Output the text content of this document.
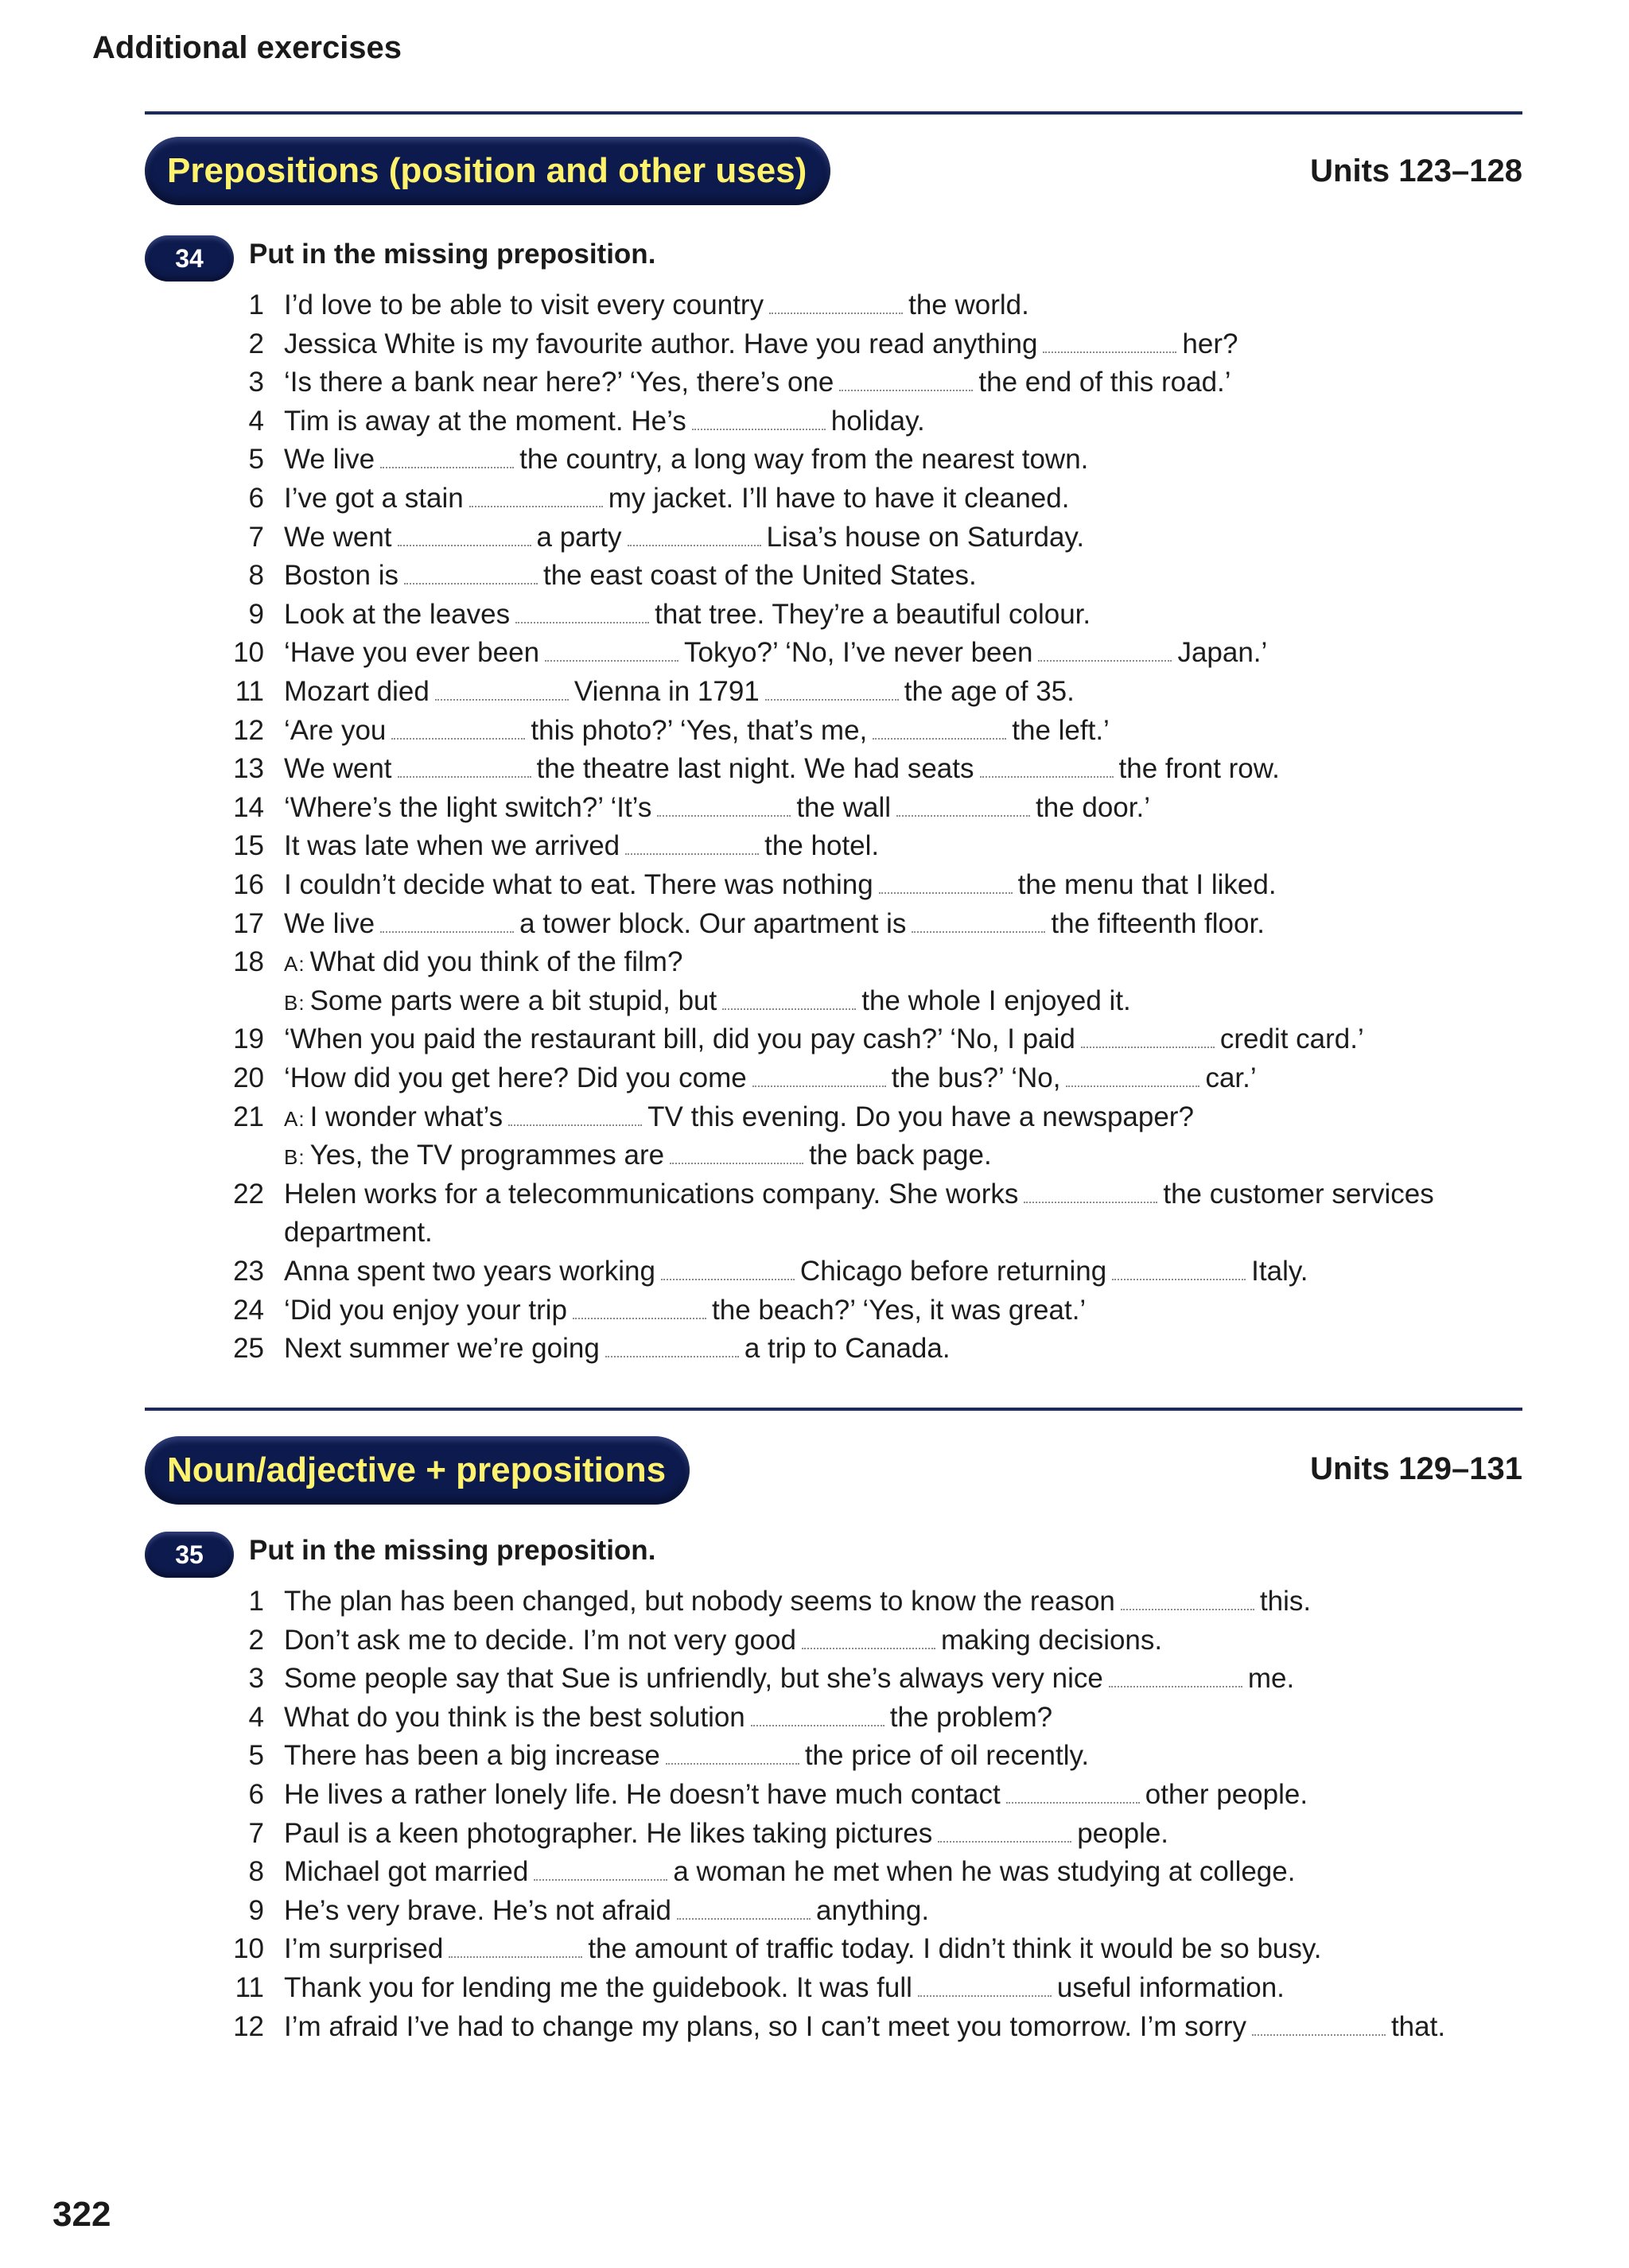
Additional exercises
Prepositions (position and other uses)	Units 123–128
34 Put in the missing preposition.
1 I’d love to be able to visit every country	the world.
2 Jessica White is my favourite author. Have you read anything	her?
3 ‘Is there a bank near here?’ ‘Yes, there’s one	the end of this road.’
4 Tim is away at the moment. He’s	holiday.
5 We live	the country, a long way from the nearest town.
6 I’ve got a stain	my jacket. I’ll have to have it cleaned.
7 We went	a party	Lisa’s house on Saturday.
8 Boston is	the east coast of the United States.
9 Look at the leaves	that tree. They’re a beautiful colour.
10 ‘Have you ever been	Tokyo?’ ‘No, I’ve never been	Japan.’
11 Mozart died	Vienna in 1791	the age of 35.
12 ‘Are you	this photo?’ ‘Yes, that’s me,	the left.’
13 We went	the theatre last night. We had seats	the front row.
14 ‘Where’s the light switch?’ ‘It’s	the wall	the door.’
15 It was late when we arrived	the hotel.
16 I couldn’t decide what to eat. There was nothing	the menu that I liked.
17 We live	a tower block. Our apartment is	the fifteenth floor.
18 A: What did you think of the film?
B: Some parts were a bit stupid, but	the whole I enjoyed it.
19 ‘When you paid the restaurant bill, did you pay cash?’ ‘No, I paid	credit card.’
20 ‘How did you get here? Did you come	the bus?’ ‘No,	car.’
21 A: I wonder what’s	TV this evening. Do you have a newspaper?
B: Yes, the TV programmes are	the back page.
22 Helen works for a telecommunications company. She works	the customer services
department.
23 Anna spent two years working	Chicago before returning	Italy.
24 ‘Did you enjoy your trip	the beach?’ ‘Yes, it was great.’
25 Next summer we’re going	a trip to Canada.
Noun/adjective + prepositions	Units 129–131
35 Put in the missing preposition.
1 The plan has been changed, but nobody seems to know the reason	this.
2 Don’t ask me to decide. I’m not very good	making decisions.
3 Some people say that Sue is unfriendly, but she’s always very nice	me.
4 What do you think is the best solution	the problem?
5 There has been a big increase	the price of oil recently.
6 He lives a rather lonely life. He doesn’t have much contact	other people.
7 Paul is a keen photographer. He likes taking pictures	people.
8 Michael got married	a woman he met when he was studying at college.
9 He’s very brave. He’s not afraid	anything.
10 I’m surprised	the amount of traffic today. I didn’t think it would be so busy.
11 Thank you for lending me the guidebook. It was full	useful information.
12 I’m afraid I’ve had to change my plans, so I can’t meet you tomorrow. I’m sorry	that.
322
